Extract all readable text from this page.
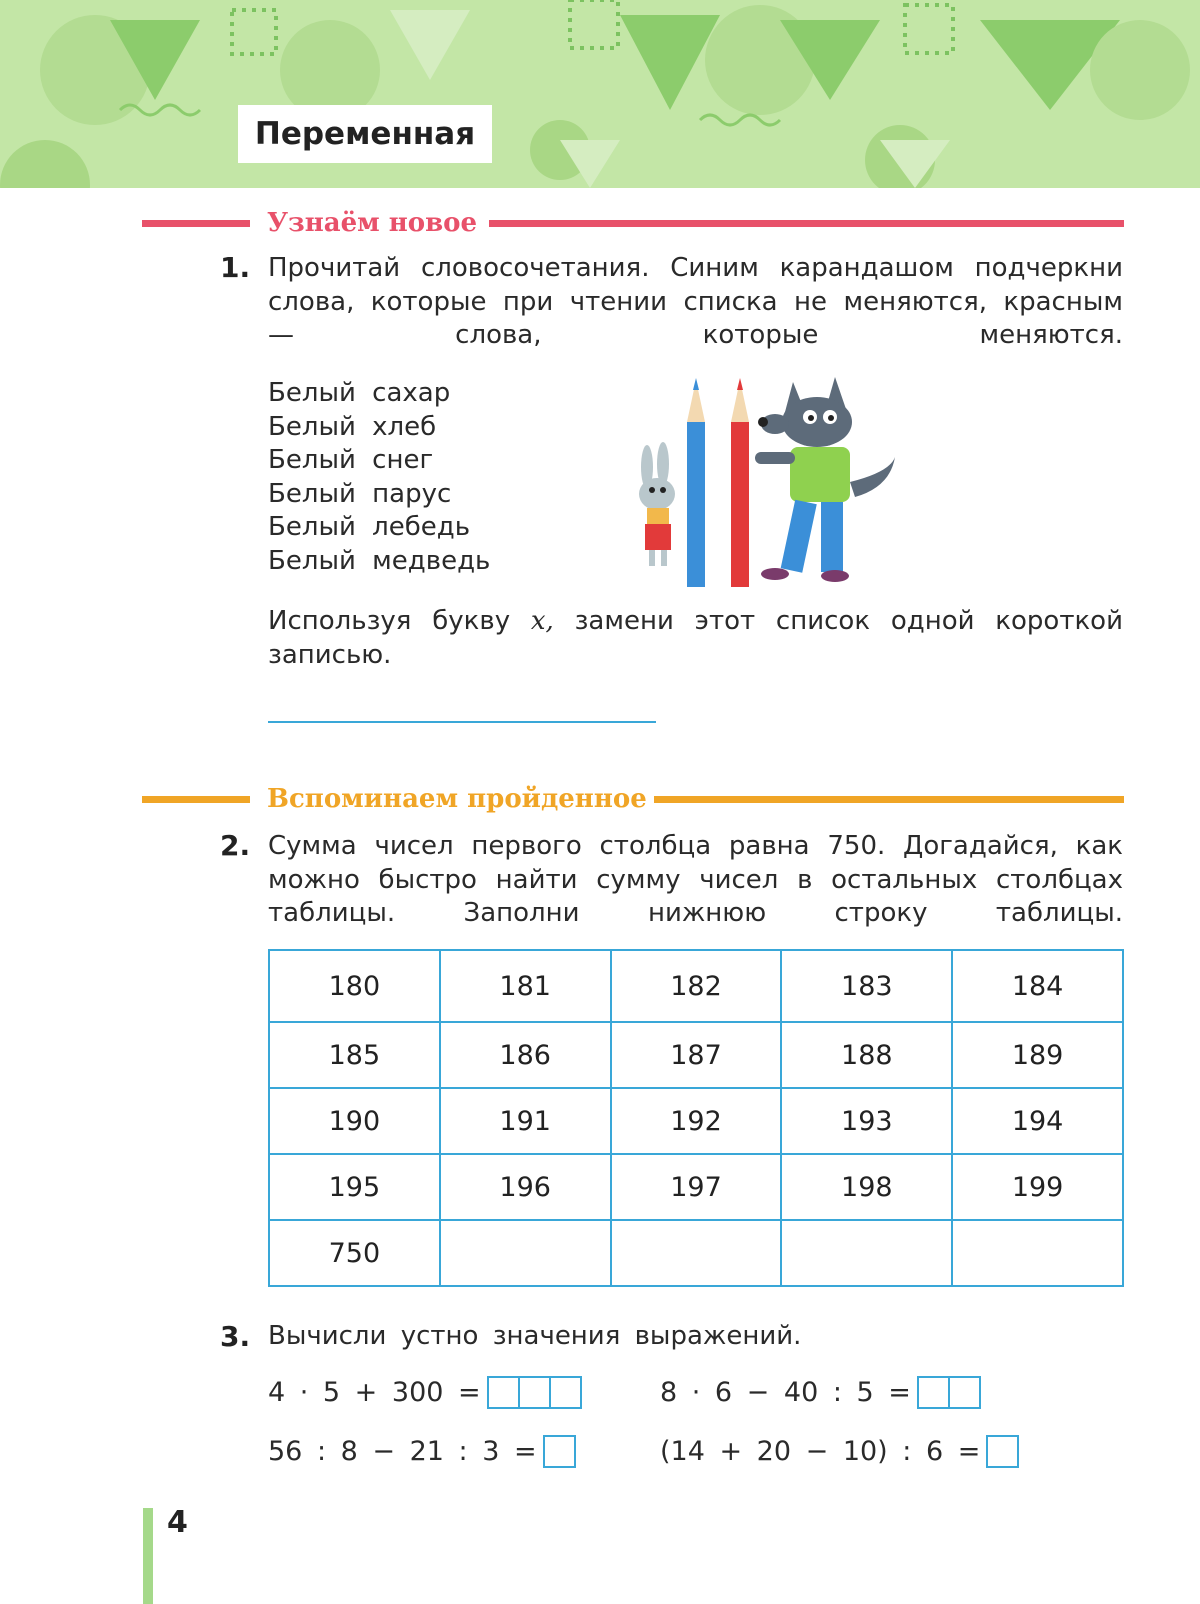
Переменная
Узнаём новое
1. Прочитай словосочетания. Синим карандашом подчеркни слова, которые при чтении списка не меняются, красным — слова, которые меняются.
Белый сахар
Белый хлеб
Белый снег
Белый парус
Белый лебедь
Белый медведь
Используя букву x, замени этот список одной короткой записью.
Вспоминаем пройденное
2. Сумма чисел первого столбца равна 750. Догадайся, как можно быстро найти сумму чисел в остальных столбцах таблицы. Заполни нижнюю строку таблицы.
180	181	182	183	184
185	186	187	188	189
190	191	192	193	194
195	196	197	198	199
750				
3. Вычисли устно значения выражений.
4 · 5 + 300 =	8 · 6 − 40 : 5 =
56 : 8 − 21 : 3 =	(14 + 20 − 10) : 6 =
4
